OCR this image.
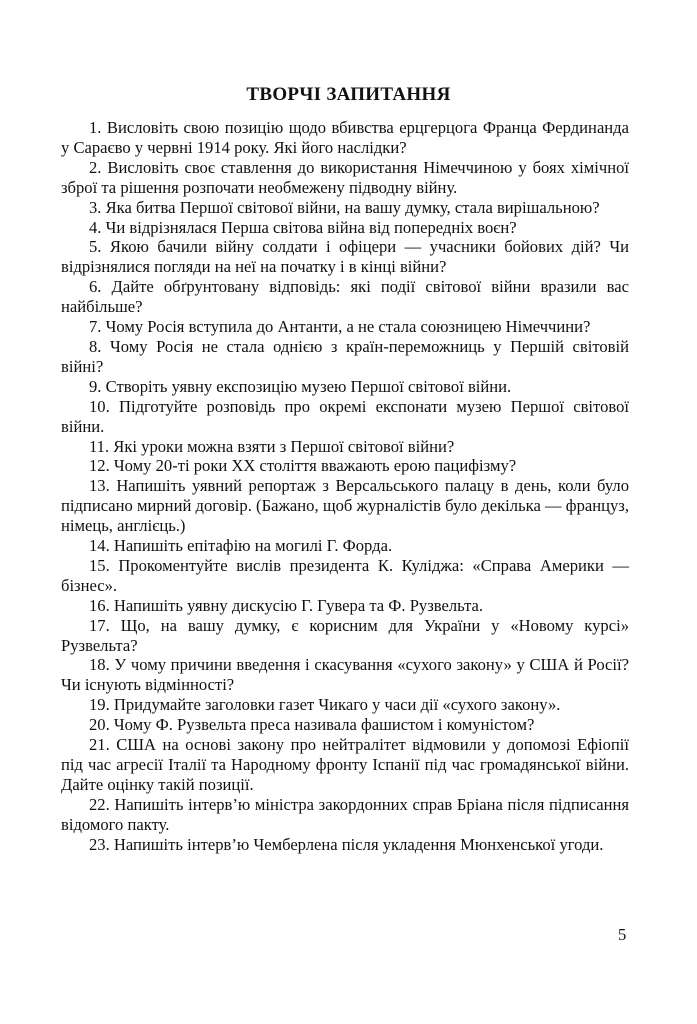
ТВОРЧІ ЗАПИТАННЯ
1. Висловіть свою позицію щодо вбивства ерцгерцога Франца Фердинанда у Сараєво у червні 1914 року. Які його наслідки?
2. Висловіть своє ставлення до використання Німеччиною у боях хімічної зброї та рішення розпочати необмежену підводну війну.
3. Яка битва Першої світової війни, на вашу думку, стала вирішальною?
4. Чи відрізнялася Перша світова війна від попередніх воєн?
5. Якою бачили війну солдати і офіцери — учасники бойових дій? Чи відрізнялися погляди на неї на початку і в кінці війни?
6. Дайте обґрунтовану відповідь: які події світової війни вразили вас найбільше?
7. Чому Росія вступила до Антанти, а не стала союзницею Німеччини?
8. Чому Росія не стала однією з країн-переможниць у Першій світовій війні?
9. Створіть уявну експозицію музею Першої світової війни.
10. Підготуйте розповідь про окремі експонати музею Першої світової війни.
11. Які уроки можна взяти з Першої світової війни?
12. Чому 20-ті роки ХХ століття вважають ерою пацифізму?
13. Напишіть уявний репортаж з Версальського палацу в день, коли було підписано мирний договір. (Бажано, щоб журналістів було декілька — француз, німець, англієць.)
14. Напишіть епітафію на могилі Г. Форда.
15. Прокоментуйте вислів президента К. Куліджа: «Справа Америки — бізнес».
16. Напишіть уявну дискусію Г. Гувера та Ф. Рузвельта.
17. Що, на вашу думку, є корисним для України у «Новому курсі» Рузвельта?
18. У чому причини введення і скасування «сухого закону» у США й Росії? Чи існують відмінності?
19. Придумайте заголовки газет Чикаго у часи дії «сухого закону».
20. Чому Ф. Рузвельта преса називала фашистом і комуністом?
21. США на основі закону про нейтралітет відмовили у допомозі Ефіопії під час агресії Італії та Народному фронту Іспанії під час громадянської війни. Дайте оцінку такій позиції.
22. Напишіть інтерв’ю міністра закордонних справ Бріана після підписання відомого пакту.
23. Напишіть інтерв’ю Чемберлена після укладення Мюнхенської угоди.
5
